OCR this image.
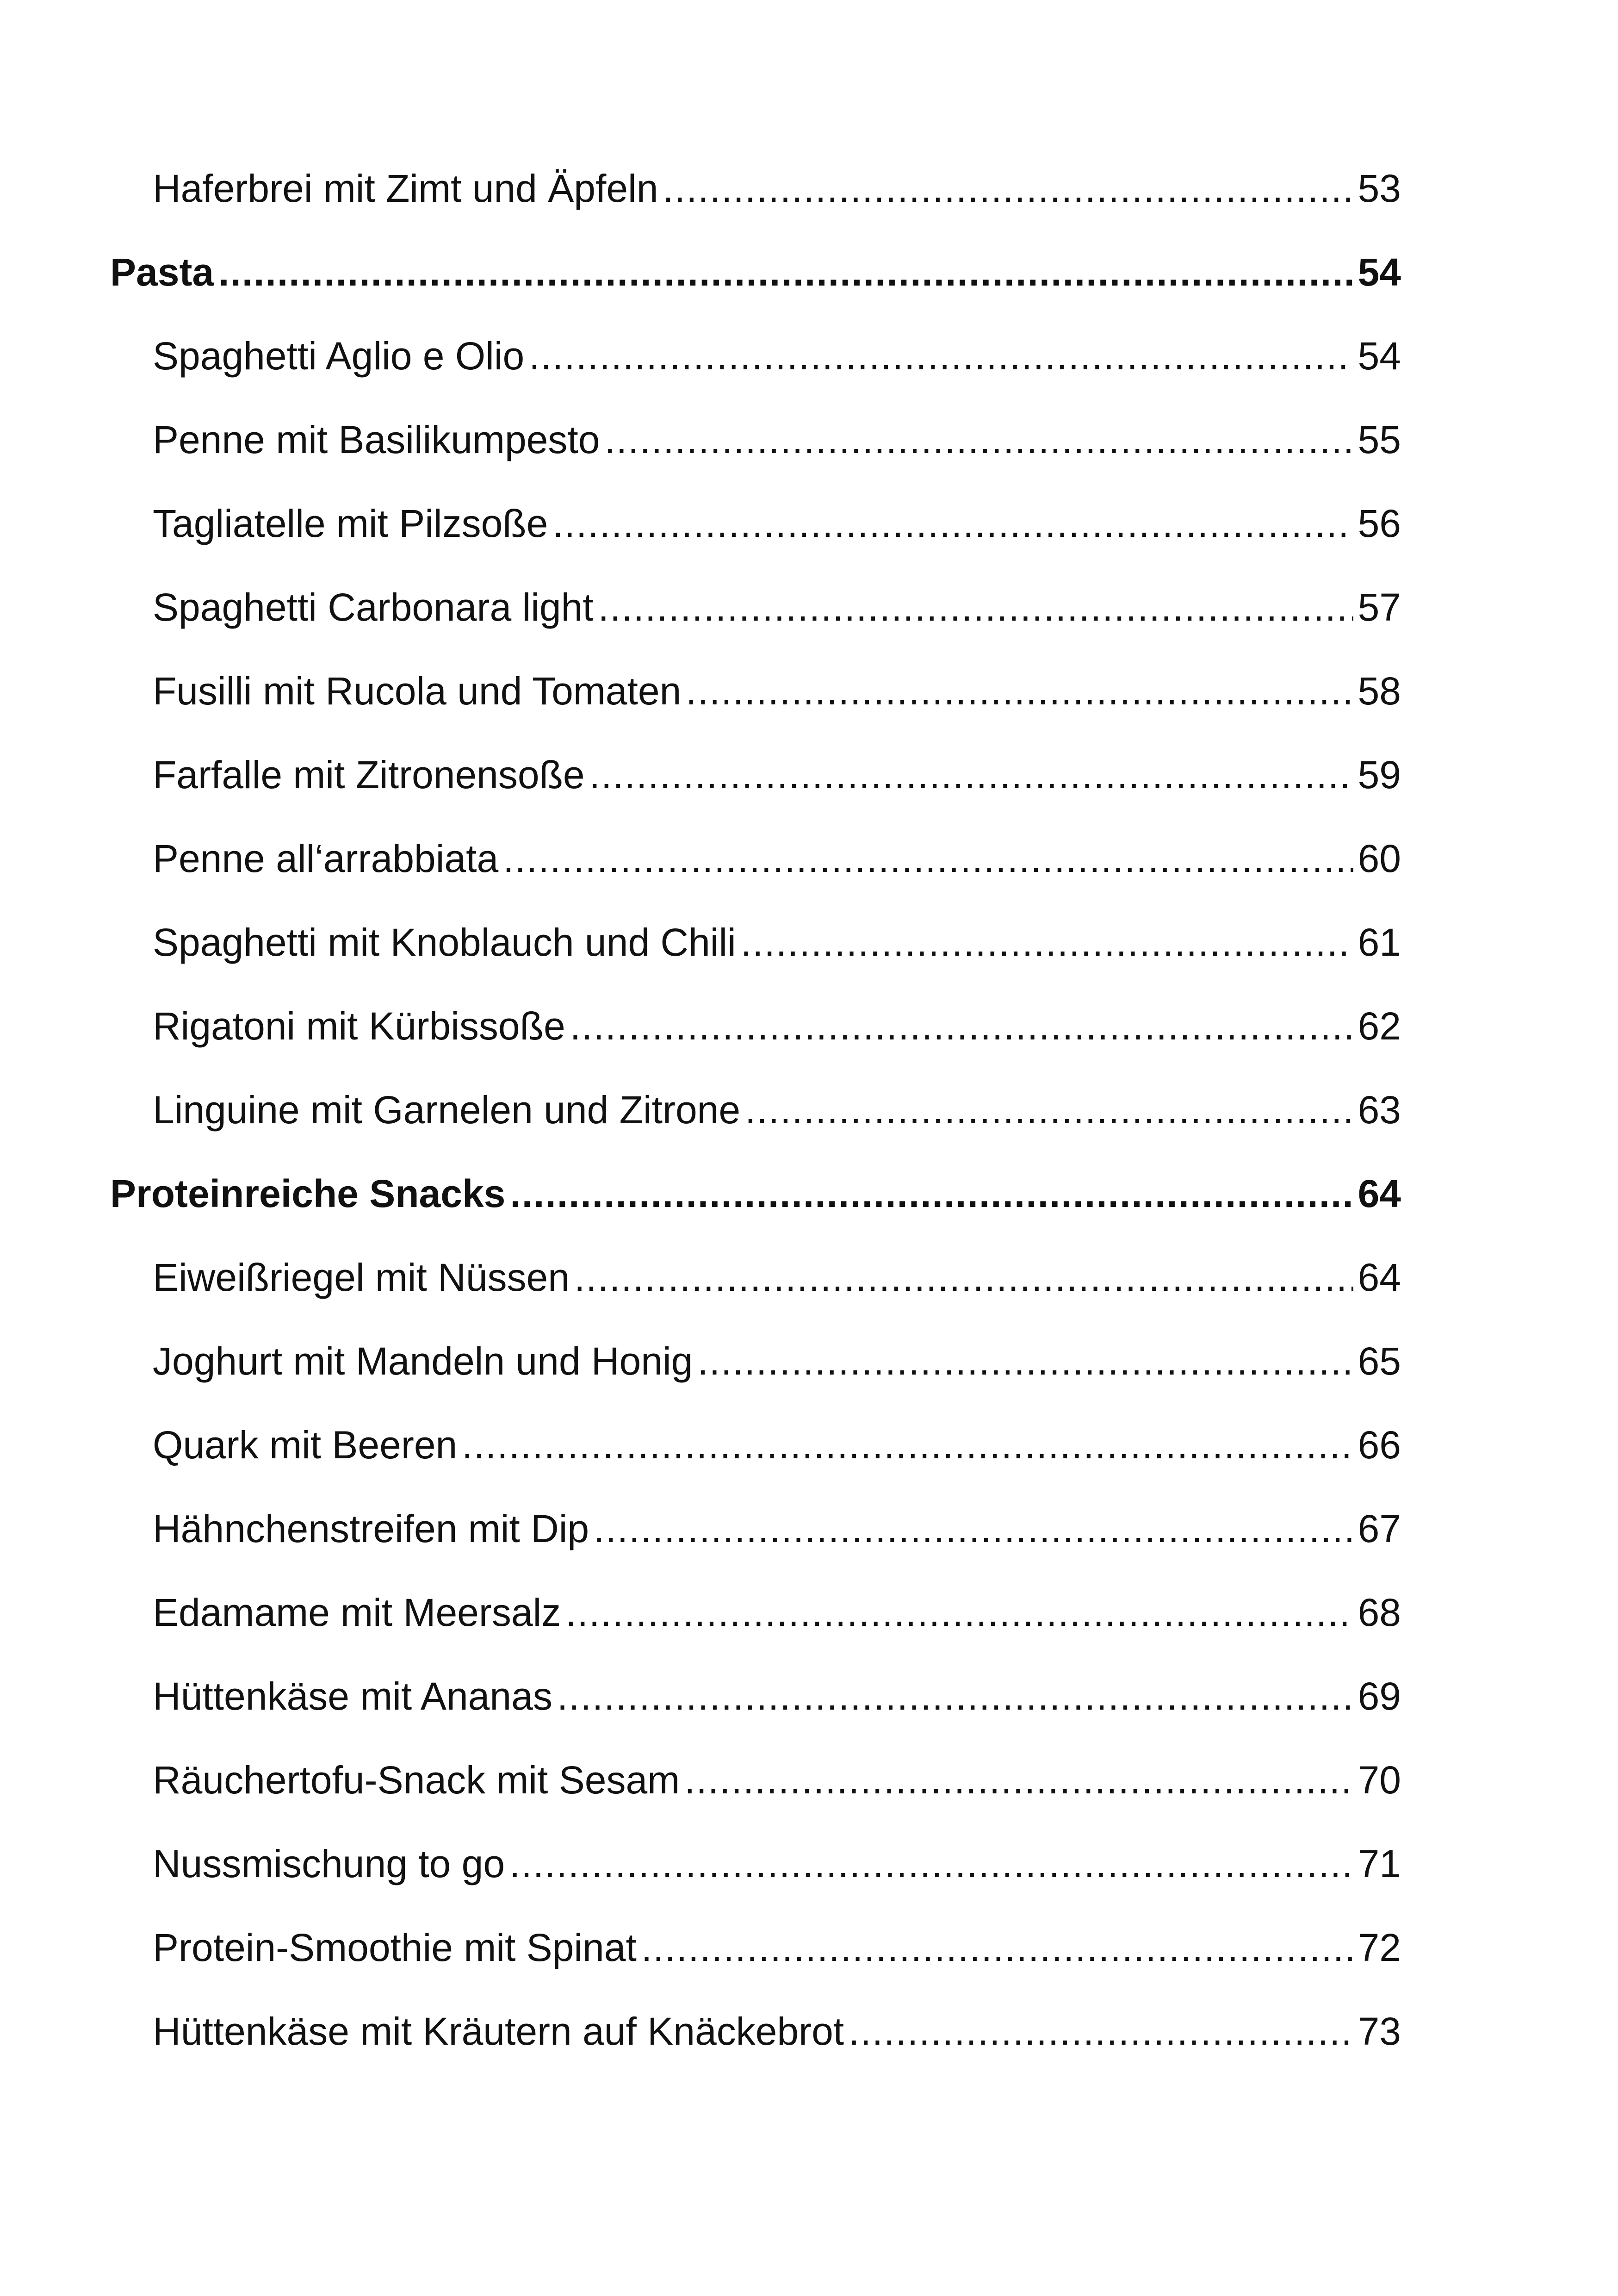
Haferbrei mit Zimt und Äpfeln .....	53
Pasta .....	54
Spaghetti Aglio e Olio .....	54
Penne mit Basilikumpesto .....	55
Tagliatelle mit Pilzsoße .....	56
Spaghetti Carbonara light .....	57
Fusilli mit Rucola und Tomaten .....	58
Farfalle mit Zitronensoße .....	59
Penne all‘arrabbiata .....	60
Spaghetti mit Knoblauch und Chili .....	61
Rigatoni mit Kürbissoße .....	62
Linguine mit Garnelen und Zitrone .....	63
Proteinreiche Snacks .....	64
Eiweißriegel mit Nüssen .....	64
Joghurt mit Mandeln und Honig .....	65
Quark mit Beeren .....	66
Hähnchenstreifen mit Dip .....	67
Edamame mit Meersalz .....	68
Hüttenkäse mit Ananas .....	69
Räuchertofu-Snack mit Sesam .....	70
Nussmischung to go .....	71
Protein-Smoothie mit Spinat .....	72
Hüttenkäse mit Kräutern auf Knäckebrot .....	73
